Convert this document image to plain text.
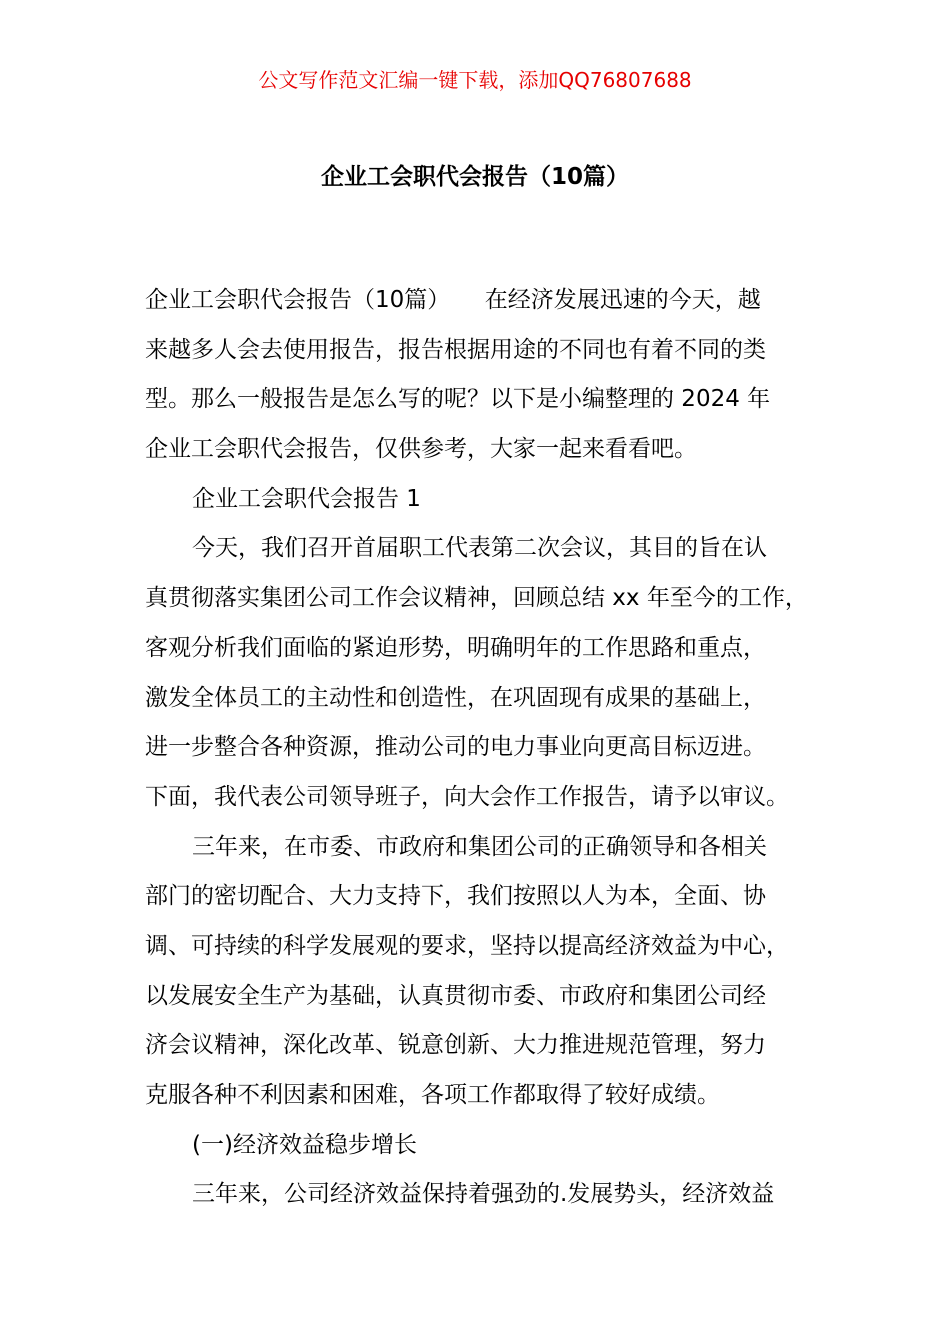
公文写作范文汇编一键下载，添加QQ76807688
企业工会职代会报告（10篇）
企业工会职代会报告（10篇）　　在经济发展迅速的今天，越
来越多人会去使用报告，报告根据用途的不同也有着不同的类
型。那么一般报告是怎么写的呢？以下是小编整理的 2024 年
企业工会职代会报告，仅供参考，大家一起来看看吧。
企业工会职代会报告 1
今天，我们召开首届职工代表第二次会议，其目的旨在认
真贯彻落实集团公司工作会议精神，回顾总结 xx 年至今的工作，
客观分析我们面临的紧迫形势，明确明年的工作思路和重点，
激发全体员工的主动性和创造性，在巩固现有成果的基础上，
进一步整合各种资源，推动公司的电力事业向更高目标迈进。
下面，我代表公司领导班子，向大会作工作报告，请予以审议。
三年来，在市委、市政府和集团公司的正确领导和各相关
部门的密切配合、大力支持下，我们按照以人为本，全面、协
调、可持续的科学发展观的要求，坚持以提高经济效益为中心，
以发展安全生产为基础，认真贯彻市委、市政府和集团公司经
济会议精神，深化改革、锐意创新、大力推进规范管理，努力
克服各种不利因素和困难，各项工作都取得了较好成绩。
(一)经济效益稳步增长
三年来，公司经济效益保持着强劲的.发展势头，经济效益
